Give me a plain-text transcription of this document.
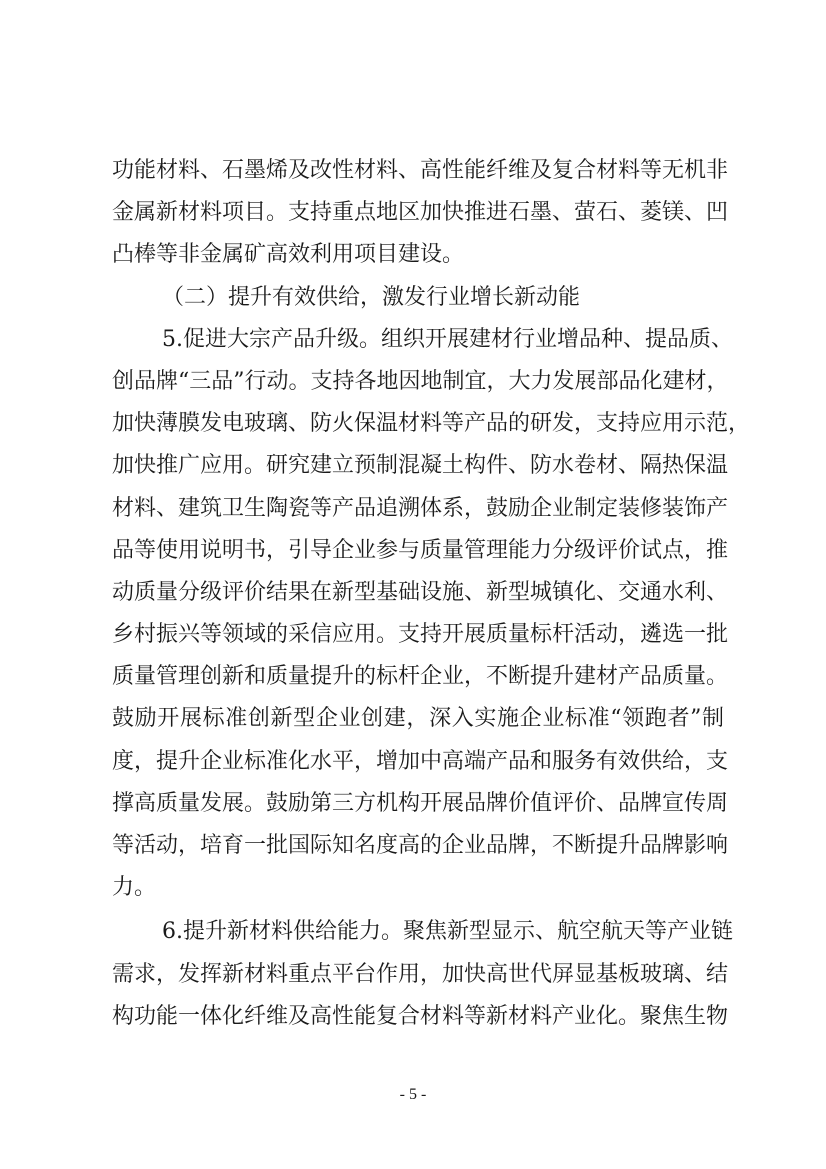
功能材料、石墨烯及改性材料、高性能纤维及复合材料等无机非
金属新材料项目。支持重点地区加快推进石墨、萤石、菱镁、凹
凸棒等非金属矿高效利用项目建设。
（二）提升有效供给，激发行业增长新动能
5.促进大宗产品升级。组织开展建材行业增品种、提品质、
创品牌“三品”行动。支持各地因地制宜，大力发展部品化建材，
加快薄膜发电玻璃、防火保温材料等产品的研发，支持应用示范，
加快推广应用。研究建立预制混凝土构件、防水卷材、隔热保温
材料、建筑卫生陶瓷等产品追溯体系，鼓励企业制定装修装饰产
品等使用说明书，引导企业参与质量管理能力分级评价试点，推
动质量分级评价结果在新型基础设施、新型城镇化、交通水利、
乡村振兴等领域的采信应用。支持开展质量标杆活动，遴选一批
质量管理创新和质量提升的标杆企业，不断提升建材产品质量。
鼓励开展标准创新型企业创建，深入实施企业标准“领跑者”制
度，提升企业标准化水平，增加中高端产品和服务有效供给，支
撑高质量发展。鼓励第三方机构开展品牌价值评价、品牌宣传周
等活动，培育一批国际知名度高的企业品牌，不断提升品牌影响
力。
6.提升新材料供给能力。聚焦新型显示、航空航天等产业链
需求，发挥新材料重点平台作用，加快高世代屏显基板玻璃、结
构功能一体化纤维及高性能复合材料等新材料产业化。聚焦生物
- 5 -
